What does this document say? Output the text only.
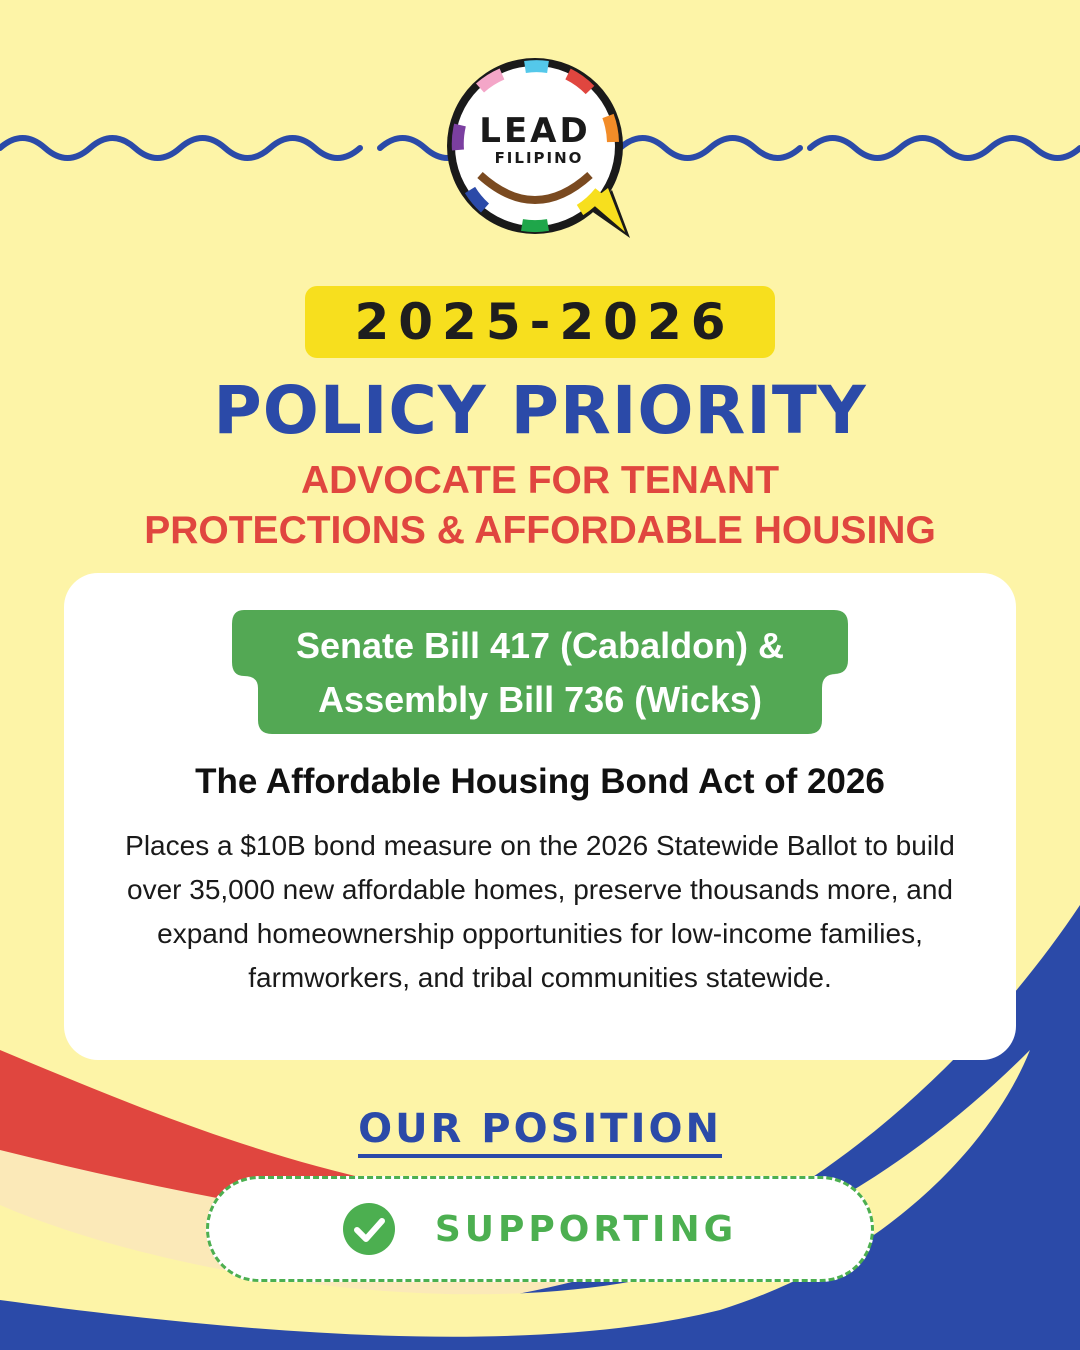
LEAD
FILIPINO
2025-2026
POLICY PRIORITY
ADVOCATE FOR TENANT
PROTECTIONS & AFFORDABLE HOUSING
Senate Bill 417 (Cabaldon) &
Assembly Bill 736 (Wicks)
The Affordable Housing Bond Act of 2026
Places a $10B bond measure on the 2026 Statewide Ballot to build over 35,000 new affordable homes, preserve thousands more, and expand homeownership opportunities for low-income families, farmworkers, and tribal communities statewide.
OUR POSITION
SUPPORTING
